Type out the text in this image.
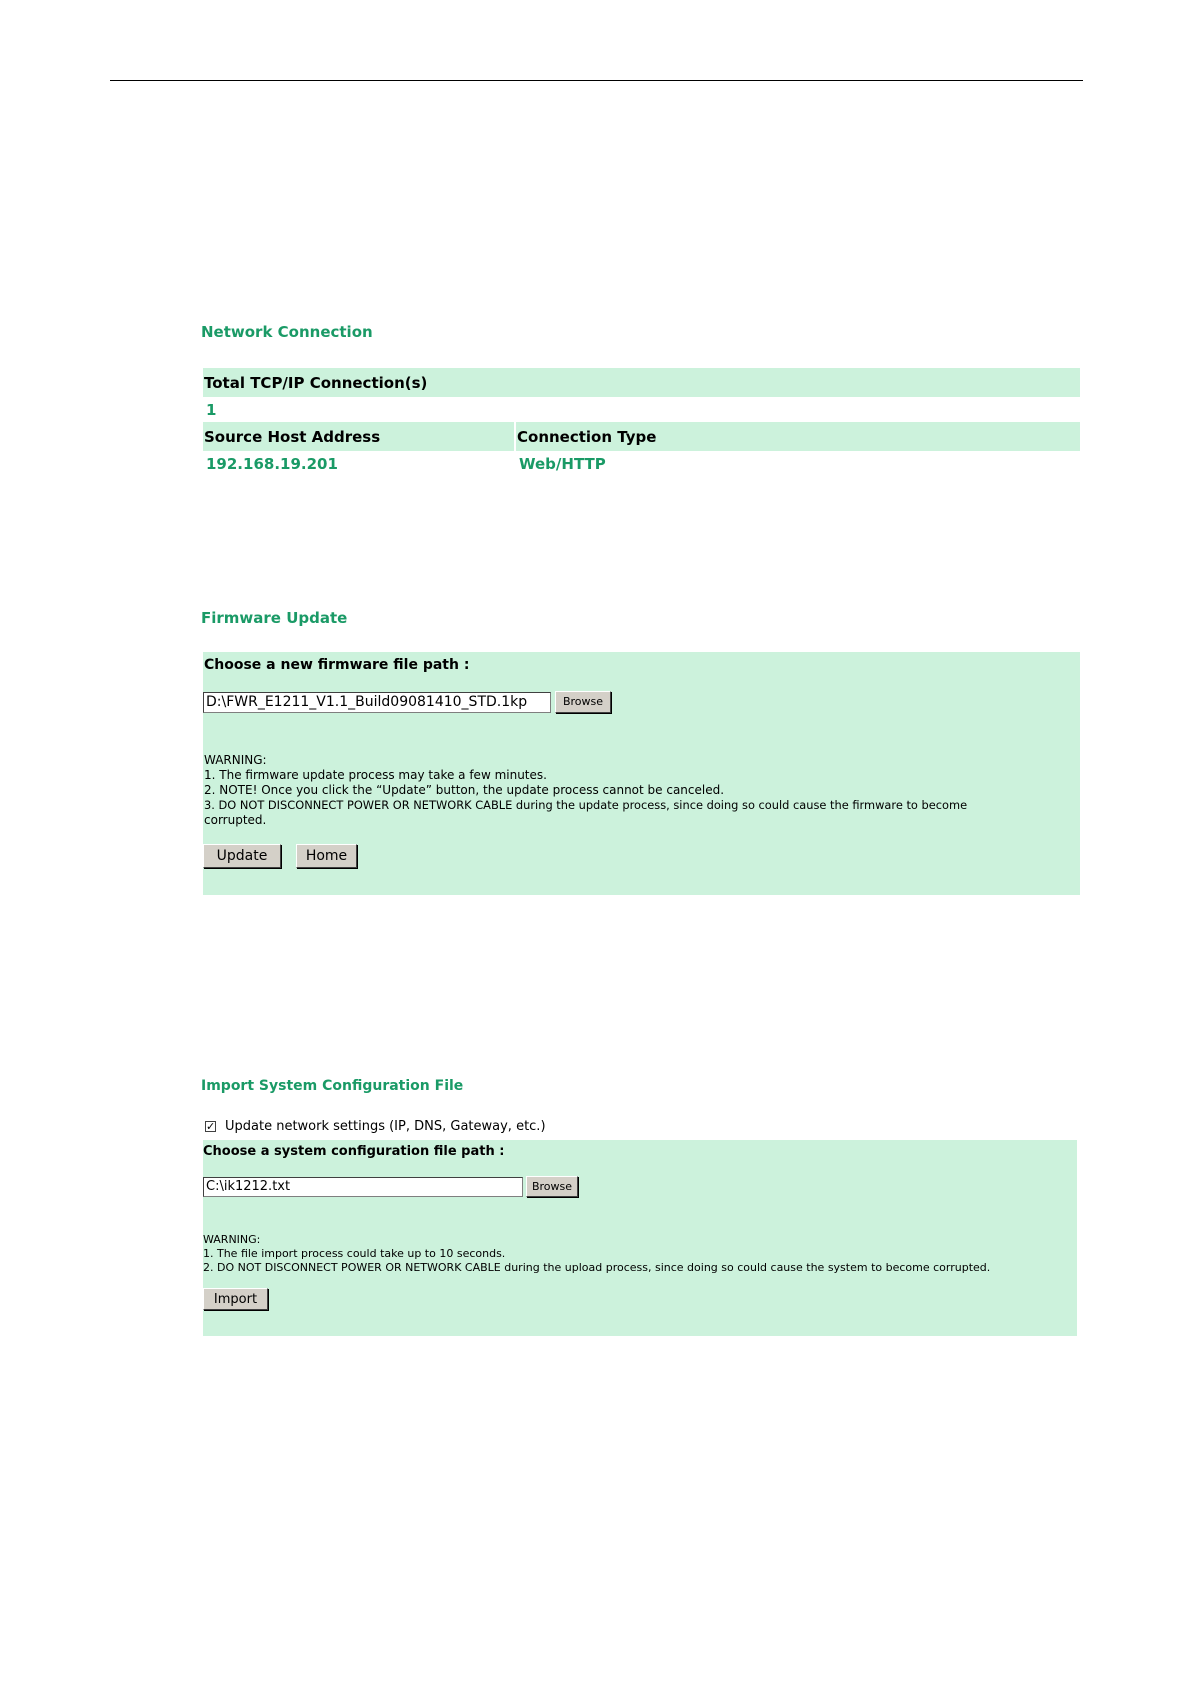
Network Connection
Total TCP/IP Connection(s)
1
Source Host Address	Connection Type
192.168.19.201	Web/HTTP
Firmware Update
Choose a new firmware file path :
D:\FWR_E1211_V1.1_Build09081410_STD.1kp	Browse
WARNING:
1. The firmware update process may take a few minutes.
2. NOTE! Once you click the “Update” button, the update process cannot be canceled.
3. DO NOT DISCONNECT POWER OR NETWORK CABLE during the update process, since doing so could cause the firmware to become
corrupted.
Update	Home
Import System Configuration File
✓ Update network settings (IP, DNS, Gateway, etc.)
Choose a system configuration file path :
C:\ik1212.txt	Browse
WARNING:
1. The file import process could take up to 10 seconds.
2. DO NOT DISCONNECT POWER OR NETWORK CABLE during the upload process, since doing so could cause the system to become corrupted.
Import
